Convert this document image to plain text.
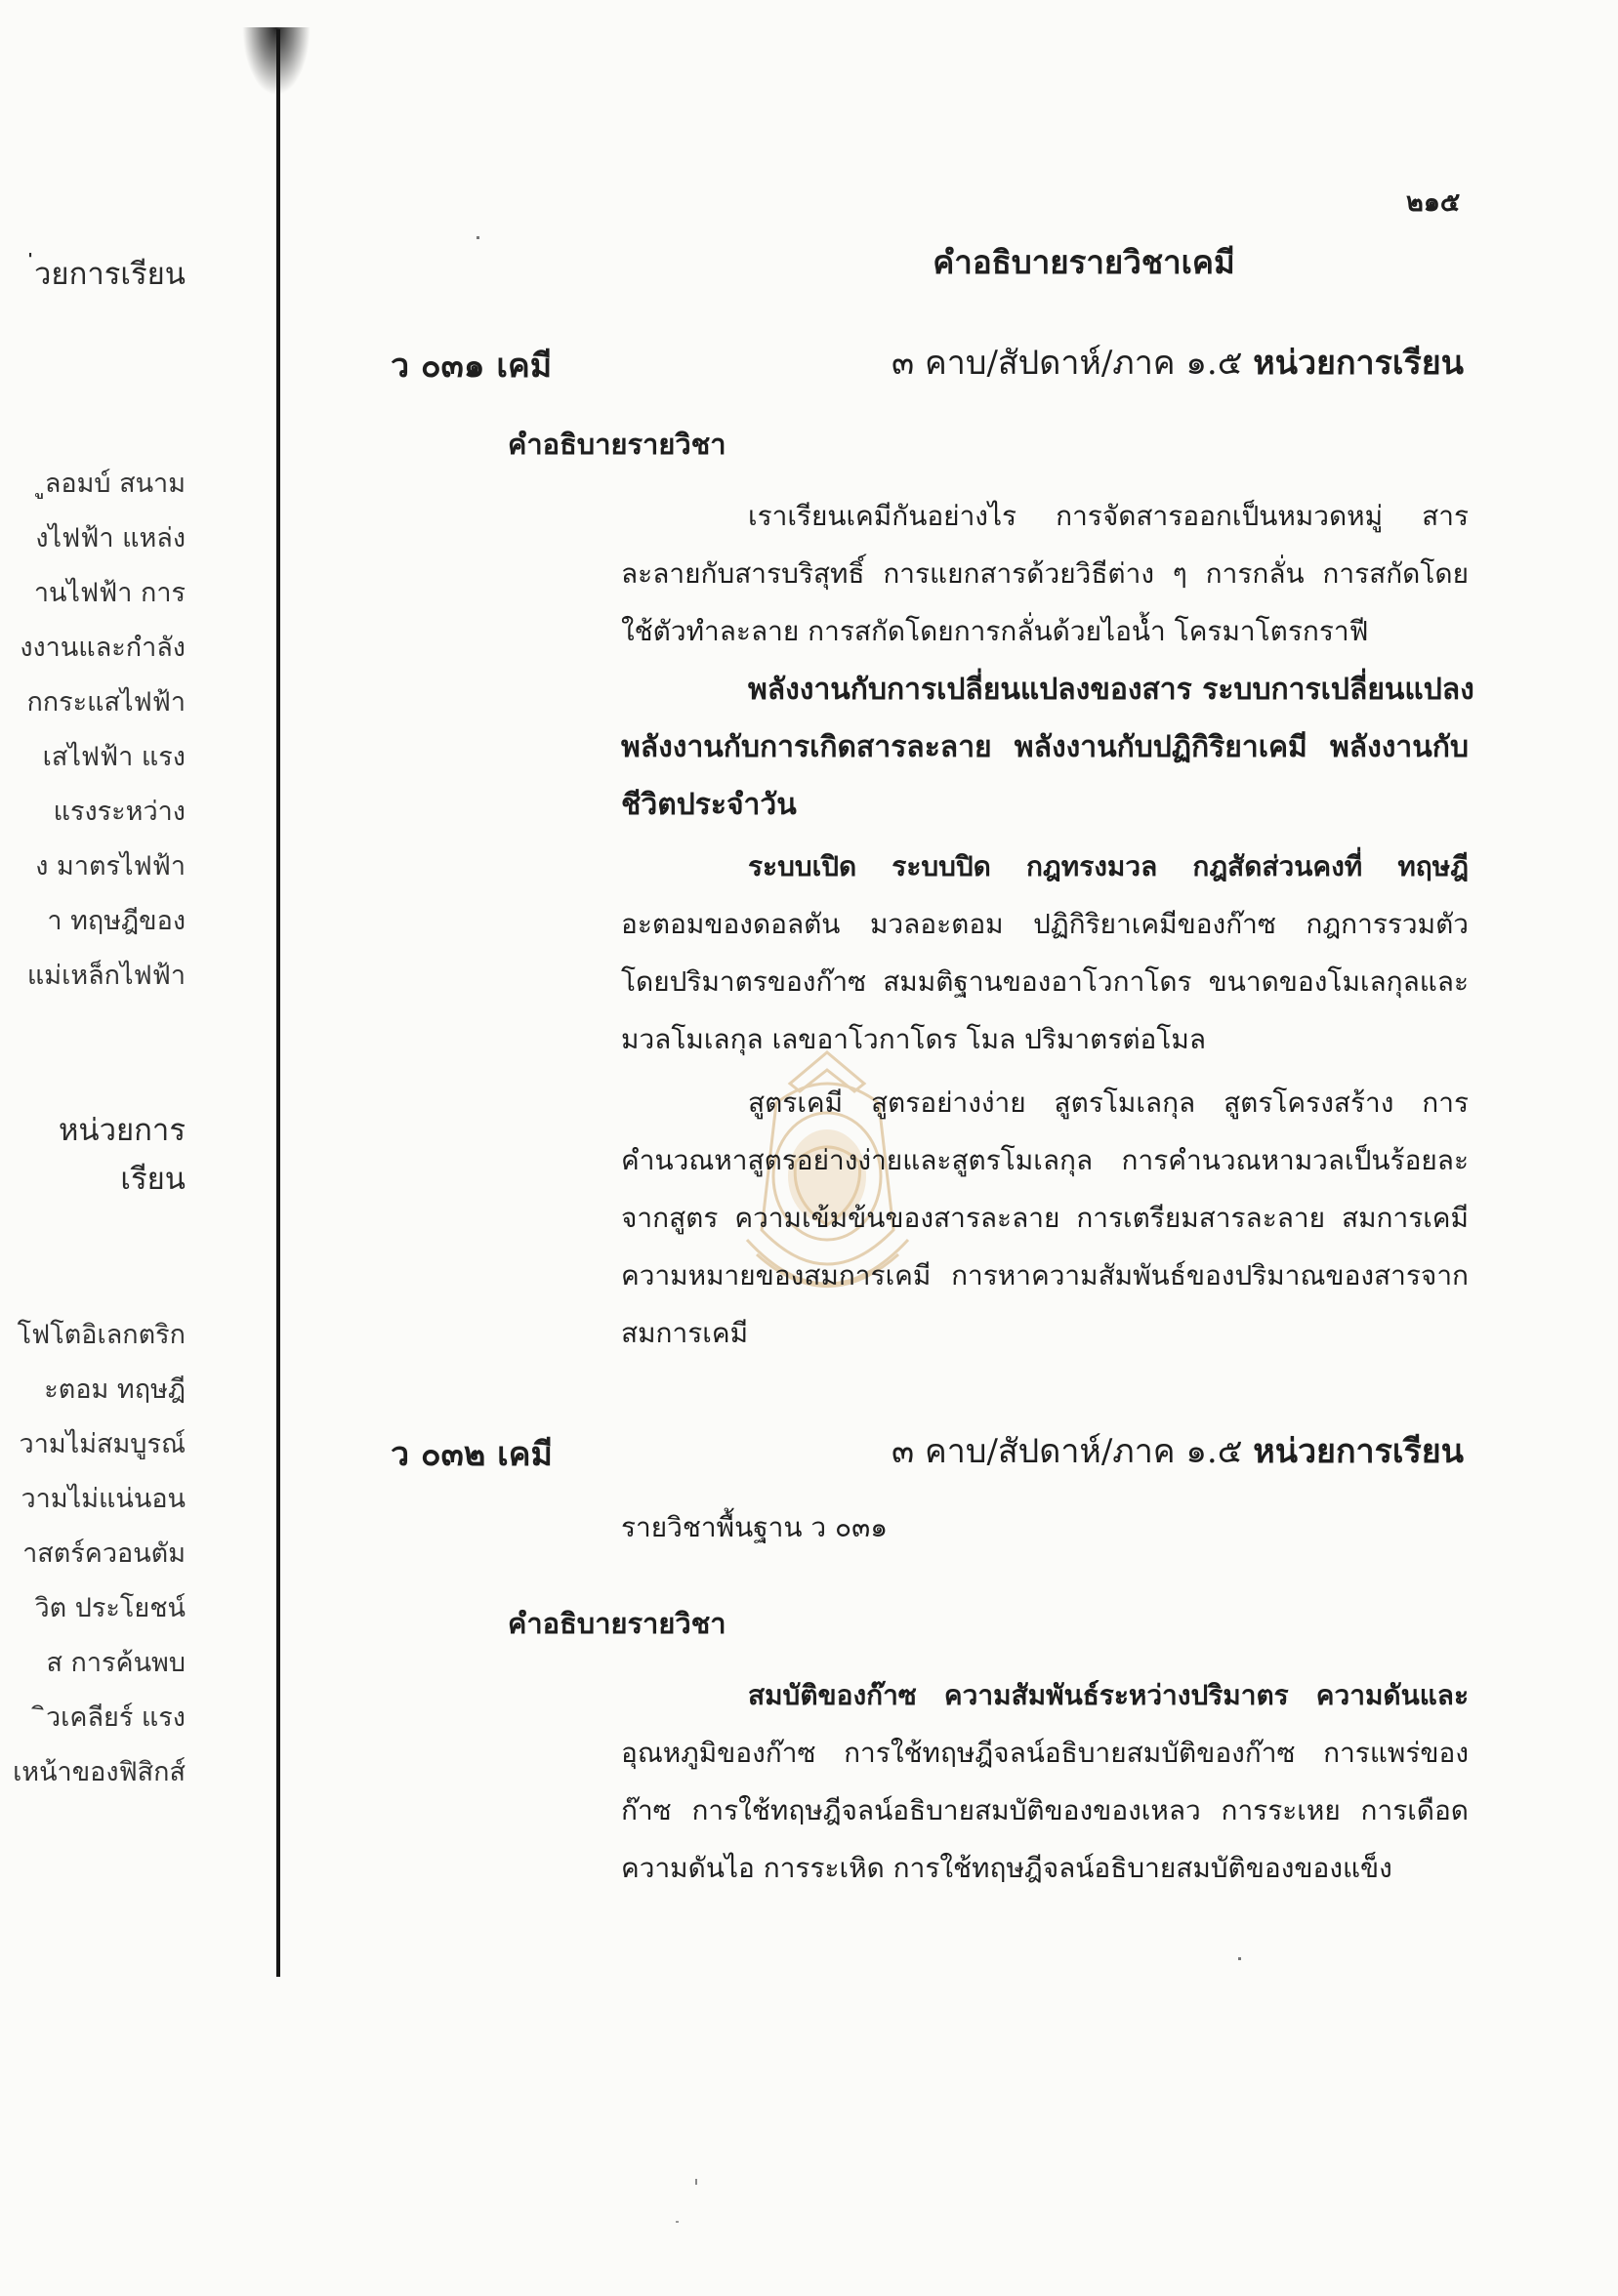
่วยการเรียน
ูลอมบ์ สนาม
งไฟฟ้า แหล่ง
านไฟฟ้า การ
งงานและกำลัง
กกระแสไฟฟ้า
เสไฟฟ้า แรง
แรงระหว่าง
ง มาตรไฟฟ้า
า ทฤษฎีของ
แม่เหล็กไฟฟ้า
หน่วยการเรียน
โฟโตอิเลกตริก
ะตอม ทฤษฎี
วามไม่สมบูรณ์
วามไม่แน่นอน
าสตร์ควอนตัม
วิต ประโยชน์
ส การค้นพบ
ิวเคลียร์ แรง
เหน้าของฟิสิกส์
๒๑๕
คำอธิบายรายวิชาเคมี
ว ๐๓๑ เคมี	๓ คาบ/สัปดาห์/ภาค ๑.๕ หน่วยการเรียน
คำอธิบายรายวิชา
เราเรียนเคมีกันอย่างไร การจัดสารออกเป็นหมวดหมู่ สาร
ละลายกับสารบริสุทธิ์ การแยกสารด้วยวิธีต่าง ๆ การกลั่น การสกัดโดย
ใช้ตัวทำละลาย การสกัดโดยการกลั่นด้วยไอน้ำ โครมาโตรกราฟี
พลังงานกับการเปลี่ยนแปลงของสาร ระบบการเปลี่ยนแปลง
พลังงานกับการเกิดสารละลาย พลังงานกับปฏิกิริยาเคมี พลังงานกับ
ชีวิตประจำวัน
ระบบเปิด ระบบปิด กฎทรงมวล กฎสัดส่วนคงที่ ทฤษฎี
อะตอมของดอลตัน มวลอะตอม ปฏิกิริยาเคมีของก๊าซ กฎการรวมตัว
โดยปริมาตรของก๊าซ สมมติฐานของอาโวกาโดร ขนาดของโมเลกุลและ
มวลโมเลกุล เลขอาโวกาโดร โมล ปริมาตรต่อโมล
สูตรเคมี สูตรอย่างง่าย สูตรโมเลกุล สูตรโครงสร้าง การ
คำนวณหาสูตรอย่างง่ายและสูตรโมเลกุล การคำนวณหามวลเป็นร้อยละ
จากสูตร ความเข้มข้นของสารละลาย การเตรียมสารละลาย สมการเคมี
ความหมายของสมการเคมี การหาความสัมพันธ์ของปริมาณของสารจาก
สมการเคมี
ว ๐๓๒ เคมี	๓ คาบ/สัปดาห์/ภาค ๑.๕ หน่วยการเรียน
รายวิชาพื้นฐาน ว ๐๓๑
คำอธิบายรายวิชา
สมบัติของก๊าซ ความสัมพันธ์ระหว่างปริมาตร ความดันและ
อุณหภูมิของก๊าซ การใช้ทฤษฎีจลน์อธิบายสมบัติของก๊าซ การแพร่ของ
ก๊าซ การใช้ทฤษฎีจลน์อธิบายสมบัติของของเหลว การระเหย การเดือด
ความดันไอ การระเหิด การใช้ทฤษฎีจลน์อธิบายสมบัติของของแข็ง
